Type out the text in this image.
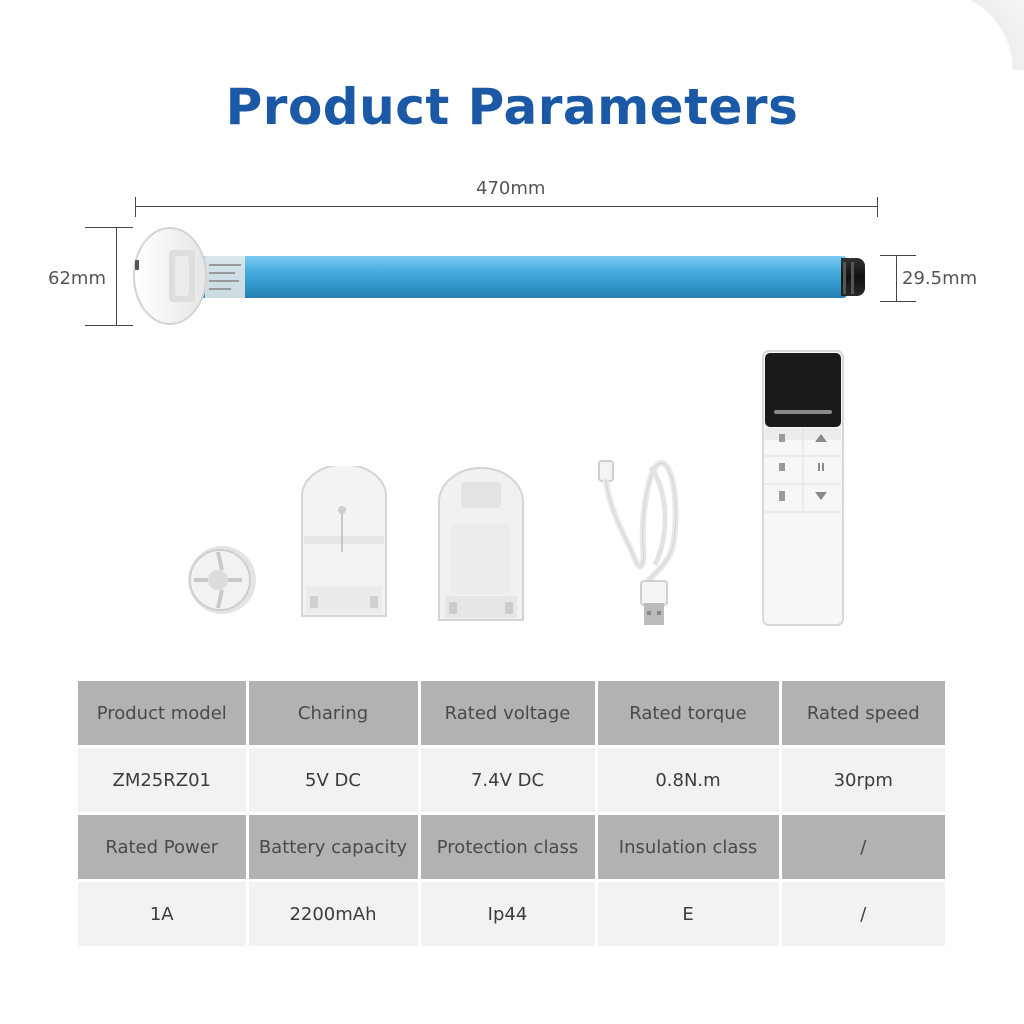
Product Parameters
470mm
62mm	29.5mm
Product model	Charing	Rated voltage	Rated torque	Rated speed
ZM25RZ01	5V DC	7.4V DC	0.8N.m	30rpm
Rated Power	Battery capacity	Protection class	Insulation class	/
1A	2200mAh	Ip44	E	/
